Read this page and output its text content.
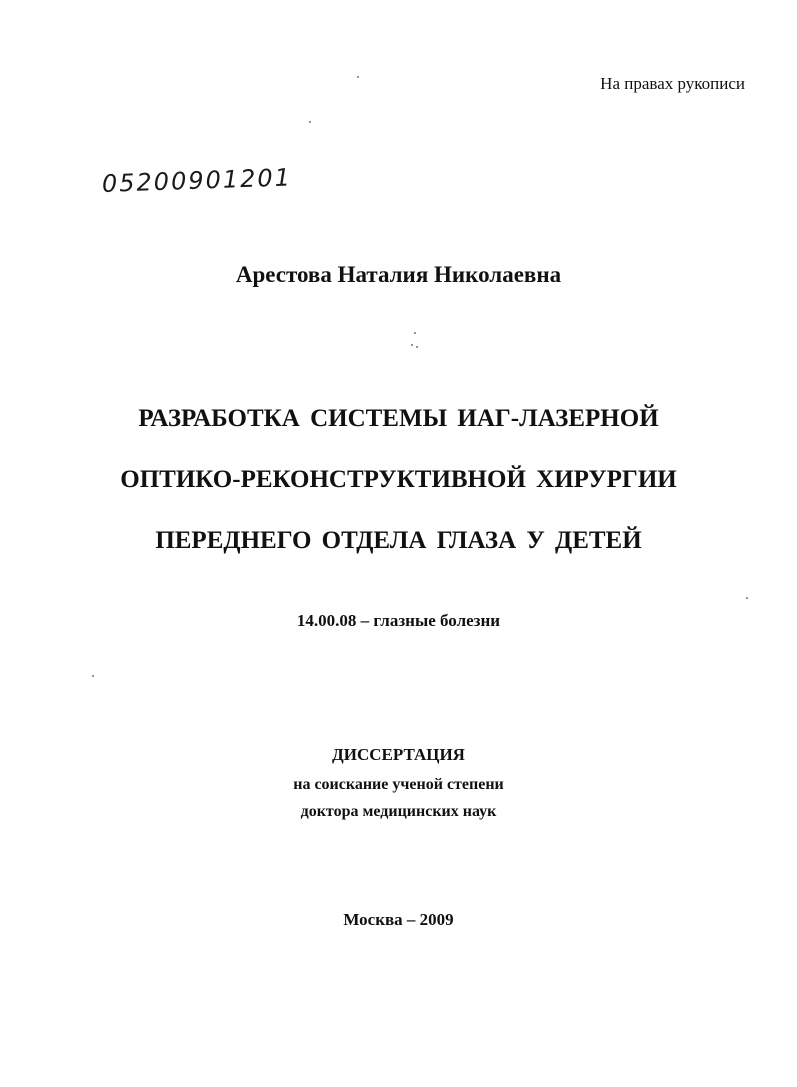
На правах рукописи
05200901201
Арестова Наталия Николаевна
РАЗРАБОТКА СИСТЕМЫ ИАГ-ЛАЗЕРНОЙ
ОПТИКО-РЕКОНСТРУКТИВНОЙ ХИРУРГИИ
ПЕРЕДНЕГО ОТДЕЛА ГЛАЗА У ДЕТЕЙ
14.00.08 – глазные болезни
ДИССЕРТАЦИЯ
на соискание ученой степени
доктора медицинских наук
Москва – 2009
